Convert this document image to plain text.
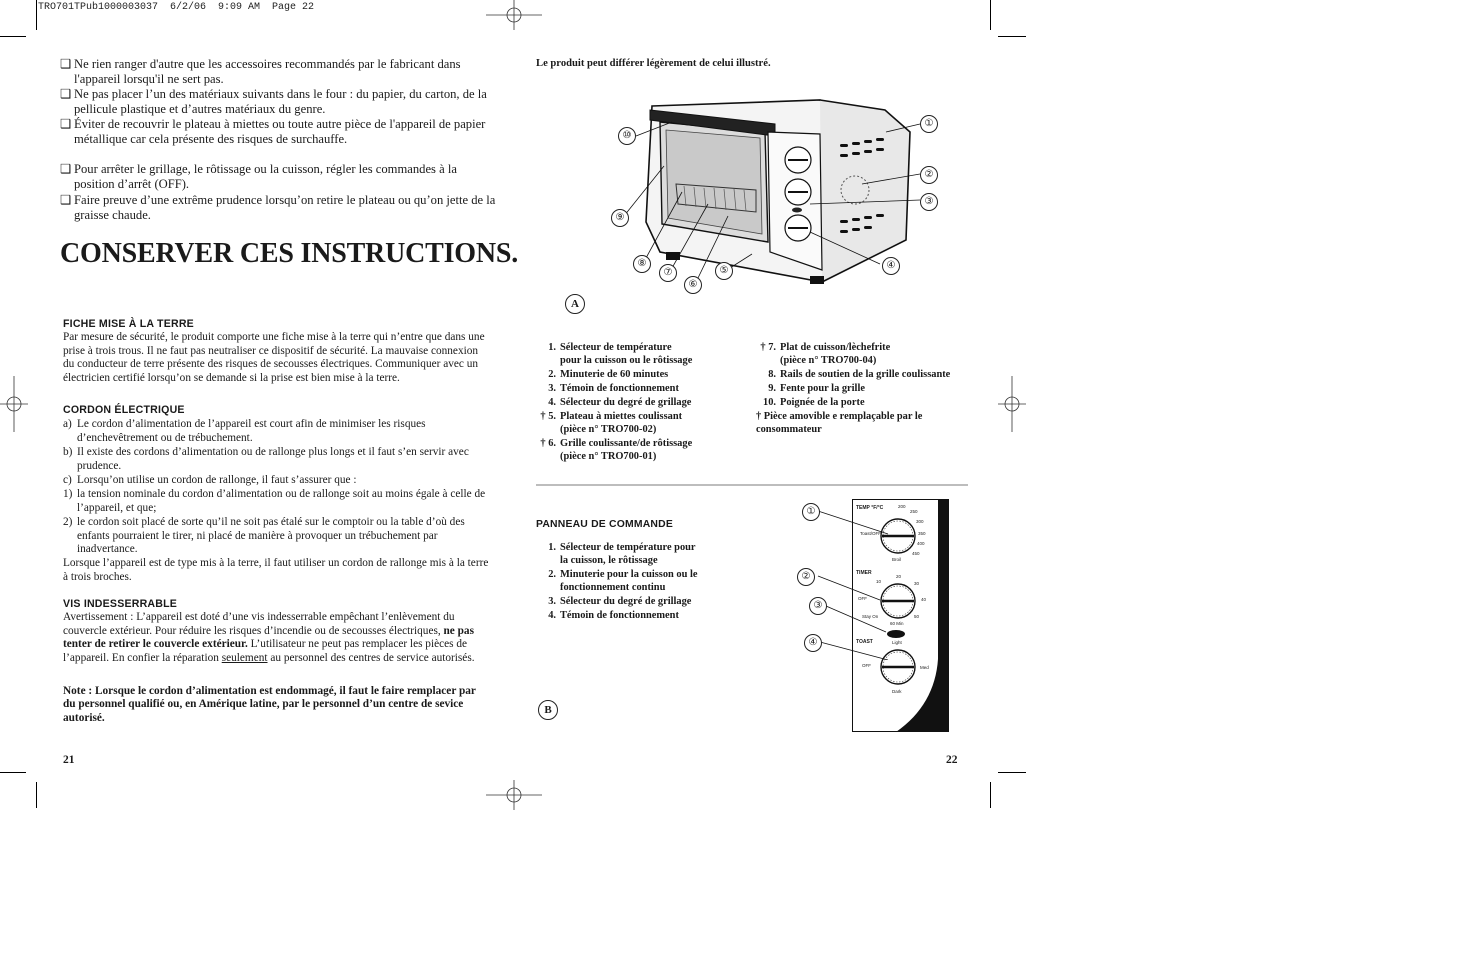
TRO701TPub1000003037  6/2/06  9:09 AM  Page 22
❑ Ne rien ranger d'autre que les accessoires recommandés par le fabricant dans l'appareil lorsqu'il ne sert pas.
❑ Ne pas placer l’un des matériaux suivants dans le four : du papier, du carton, de la pellicule plastique et d’autres matériaux du genre.
❑ Éviter de recouvrir le plateau à miettes ou toute autre pièce de l'appareil de papier métallique car cela présente des risques de surchauffe.
❑ Pour arrêter le grillage, le rôtissage ou la cuisson, régler les commandes à la position d’arrêt (OFF).
❑ Faire preuve d’une extrême prudence lorsqu’on retire le plateau ou qu’on jette de la graisse chaude.
CONSERVER CES INSTRUCTIONS.
FICHE MISE À LA TERRE

Par mesure de sécurité, le produit comporte une fiche mise à la terre qui n’entre que dans une prise à trois trous. Il ne faut pas neutraliser ce dispositif de sécurité. La mauvaise connexion du conducteur de terre présente des risques de secousses électriques. Communiquer avec un électricien certifié lorsqu’on se demande si la prise est bien mise à la terre.

CORDON ÉLECTRIQUE
a) Le cordon d’alimentation de l’appareil est court afin de minimiser les risques d’enchevêtrement ou de trébuchement.
b) Il existe des cordons d’alimentation ou de rallonge plus longs et il faut s’en servir avec prudence.
c) Lorsqu’on utilise un cordon de rallonge, il faut s’assurer que :
1) la tension nominale du cordon d’alimentation ou de rallonge soit au moins égale à celle de l’appareil, et que;
2) le cordon soit placé de sorte qu’il ne soit pas étalé sur le comptoir ou la table d’où des enfants pourraient le tirer, ni placé de manière à provoquer un trébuchement par inadvertance.

Lorsque l’appareil est de type mis à la terre, il faut utiliser un cordon de rallonge mis à la terre à trois broches.

VIS INDESSERRABLE

Avertissement : L’appareil est doté d’une vis indesserrable empêchant l’enlèvement du couvercle extérieur. Pour réduire les risques d’incendie ou de secousses électriques, ne pas tenter de retirer le couvercle extérieur. L’utilisateur ne peut pas remplacer les pièces de l’appareil. En confier la réparation seulement au personnel des centres de service autorisés.

Note : Lorsque le cordon d’alimentation est endommagé, il faut le faire remplacer par du personnel qualifié ou, en Amérique latine, par le personnel d’un centre de sevice autorisé.
21
Le produit peut différer légèrement de celui illustré.
①
②
③
④
⑤
⑥
⑦
⑧
⑨
⑩
A
1. Sélecteur de température
pour la cuisson ou le rôtissage
2. Minuterie de 60 minutes
3. Témoin de fonctionnement
4. Sélecteur du degré de grillage
† 5. Plateau à miettes coulissant
(pièce n° TRO700-02)
† 6. Grille coulissante/de rôtissage
(pièce n° TRO700-01)
† 7. Plat de cuisson/lèchefrite
(pièce n° TRO700-04)
8. Rails de soutien de la grille coulissante
9. Fente pour la grille
10. Poignée de la porte
† Pièce amovible e remplaçable par le consommateur
PANNEAU DE COMMANDE
1. Sélecteur de température pour
la cuisson, le rôtissage
2. Minuterie pour la cuisson ou le
fonctionnement continu
3. Sélecteur du degré de grillage
4. Témoin de fonctionnement
B
TEMP °F/°C	200
250
300
350
400
450
Toast/OFF
Broil
TIMER
10
20
30
40
50
60 Min
OFF
Stay On
TOAST	Light
Med
Dark
OFF
①
②
③
④
22
